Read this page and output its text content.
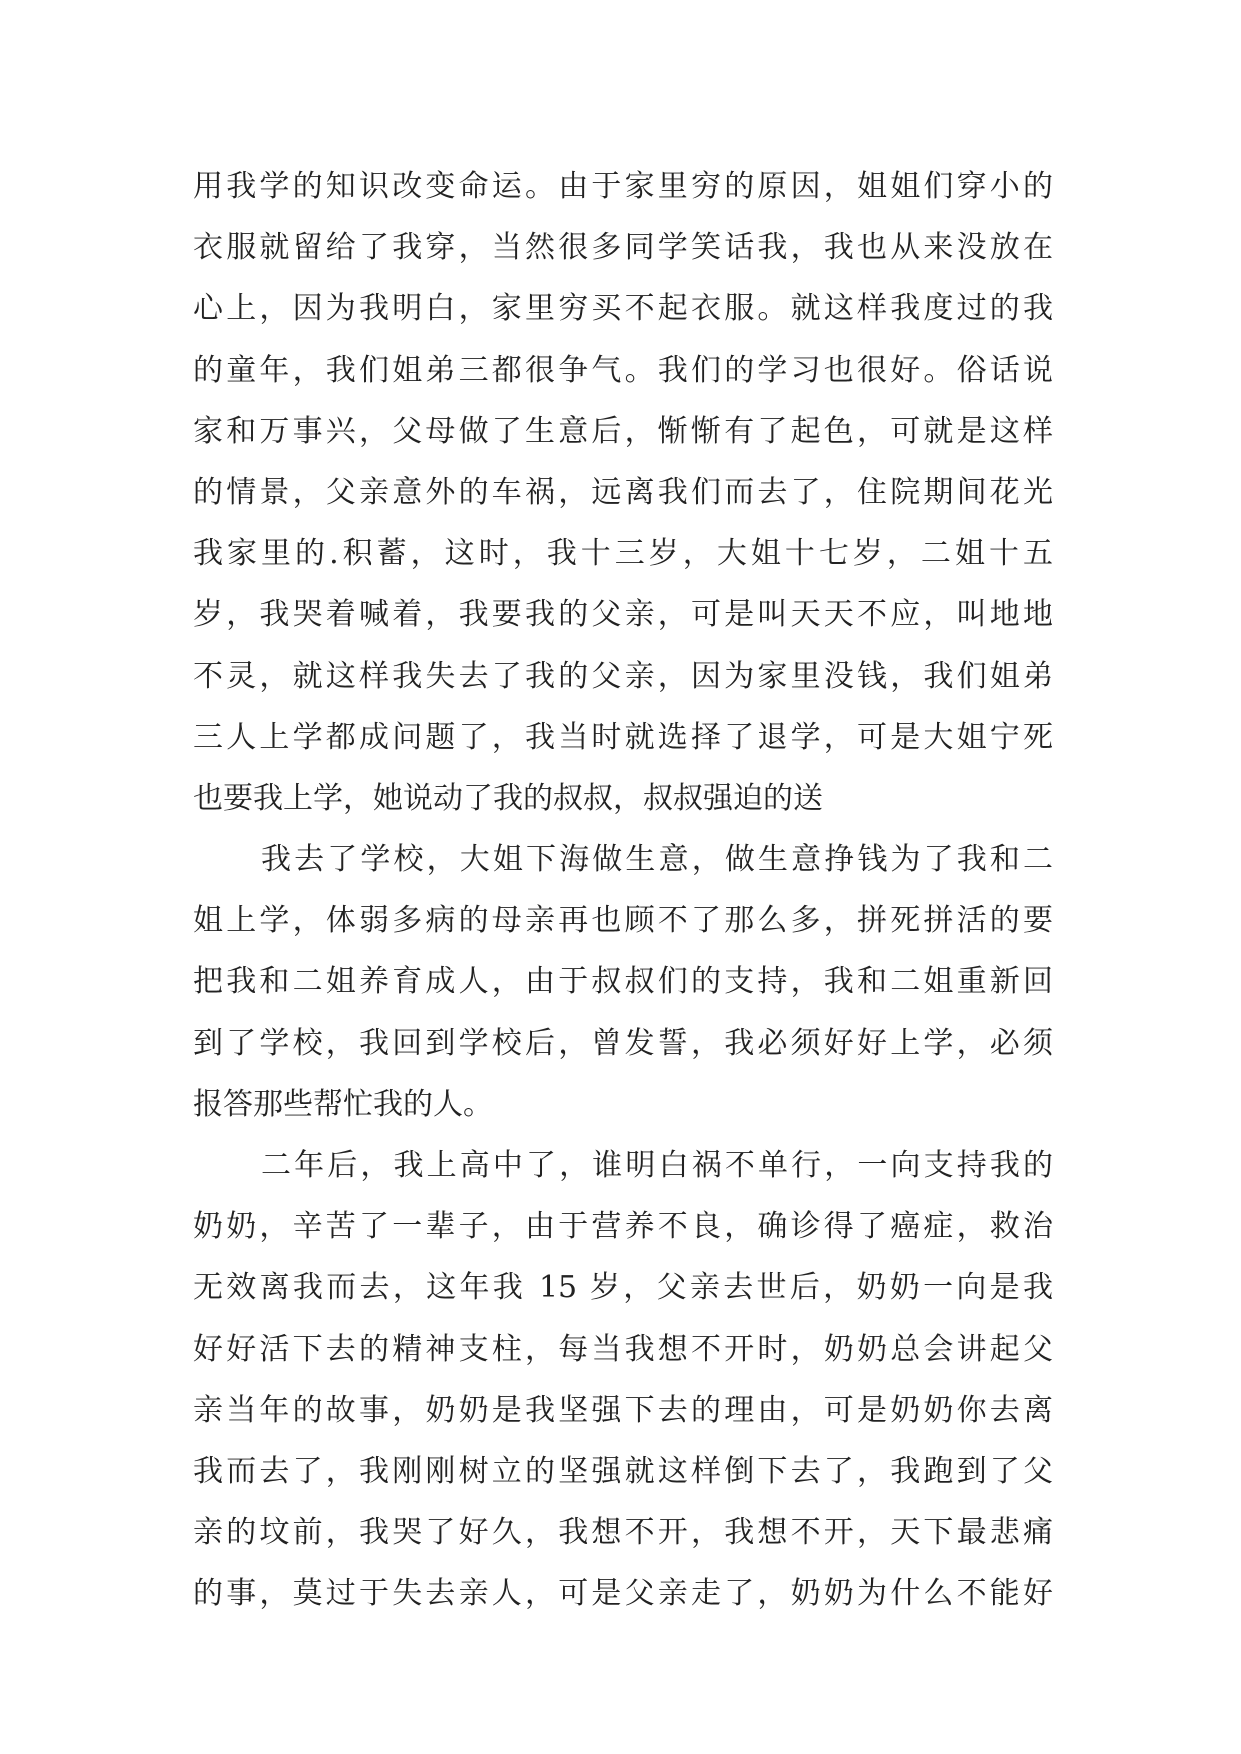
用我学的知识改变命运。由于家里穷的原因，姐姐们穿小的
衣服就留给了我穿，当然很多同学笑话我，我也从来没放在
心上，因为我明白，家里穷买不起衣服。就这样我度过的我
的童年，我们姐弟三都很争气。我们的学习也很好。俗话说
家和万事兴，父母做了生意后，惭惭有了起色，可就是这样
的情景，父亲意外的车祸，远离我们而去了，住院期间花光
我家里的.积蓄，这时，我十三岁，大姐十七岁，二姐十五
岁，我哭着喊着，我要我的父亲，可是叫天天不应，叫地地
不灵，就这样我失去了我的父亲，因为家里没钱，我们姐弟
三人上学都成问题了，我当时就选择了退学，可是大姐宁死
也要我上学，她说动了我的叔叔，叔叔强迫的送
我去了学校，大姐下海做生意，做生意挣钱为了我和二
姐上学，体弱多病的母亲再也顾不了那么多，拼死拼活的要
把我和二姐养育成人，由于叔叔们的支持，我和二姐重新回
到了学校，我回到学校后，曾发誓，我必须好好上学，必须
报答那些帮忙我的人。
二年后，我上高中了，谁明白祸不单行，一向支持我的
奶奶，辛苦了一辈子，由于营养不良，确诊得了癌症，救治
无效离我而去，这年我 15 岁，父亲去世后，奶奶一向是我
好好活下去的精神支柱，每当我想不开时，奶奶总会讲起父
亲当年的故事，奶奶是我坚强下去的理由，可是奶奶你去离
我而去了，我刚刚树立的坚强就这样倒下去了，我跑到了父
亲的坟前，我哭了好久，我想不开，我想不开，天下最悲痛
的事，莫过于失去亲人，可是父亲走了，奶奶为什么不能好
